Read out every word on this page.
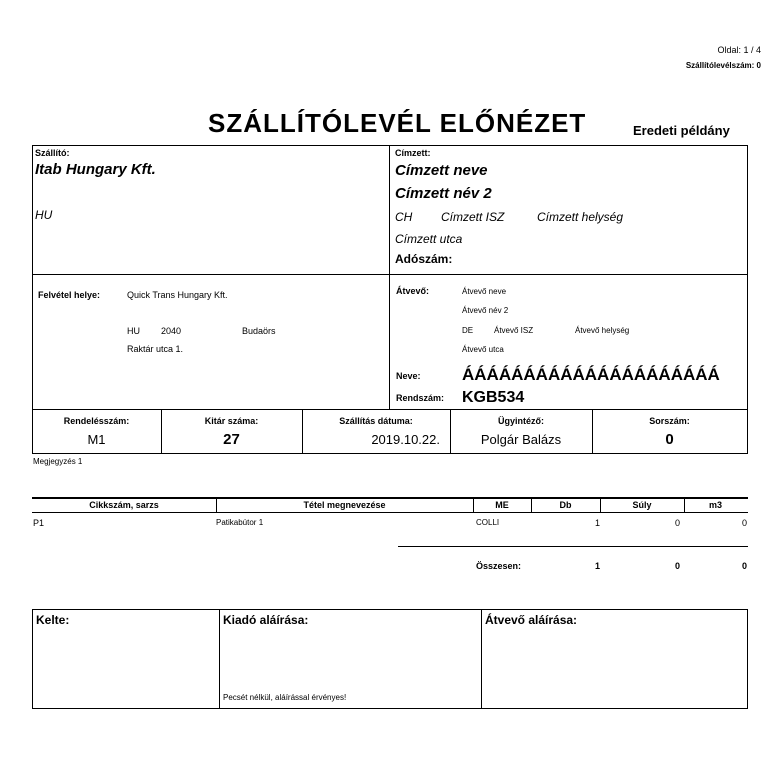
Oldal: 1 / 4
Szállítólevélszám: 0
SZÁLLÍTÓLEVÉL ELŐNÉZET	Eredeti példány
Szállító:
Itab Hungary Kft.
HU
Címzett:
Címzett neve
Címzett név 2
CH Címzett ISZ	Címzett helység
Címzett utca
Adószám:
Felvétel helye:	Quick Trans Hungary Kft.
HU 2040	Budaörs
Raktár utca 1.
Átvevő:	Átvevő neve
Átvevő név 2
DE	Átvevő ISZ	Átvevő helység
Átvevő utca
Neve: ÁÁÁÁÁÁÁÁÁÁÁÁÁÁÁÁÁÁÁÁÁ
Rendszám: KGB534
Rendelésszám:
M1
Kitár száma:
27
Szállítás dátuma:
2019.10.22.
Ügyintéző:
Polgár Balázs
Sorszám:
0
Megjegyzés 1
Cikkszám, sarzs	Tétel megnevezése	ME	Db	Súly	m3
P1	Patikabútor 1	COLLI	1	0	0
Összesen:	1	0	0
Kelte:	Kiadó aláírása:
Pecsét nélkül, aláírással érvényes!
Átvevő aláírása:
